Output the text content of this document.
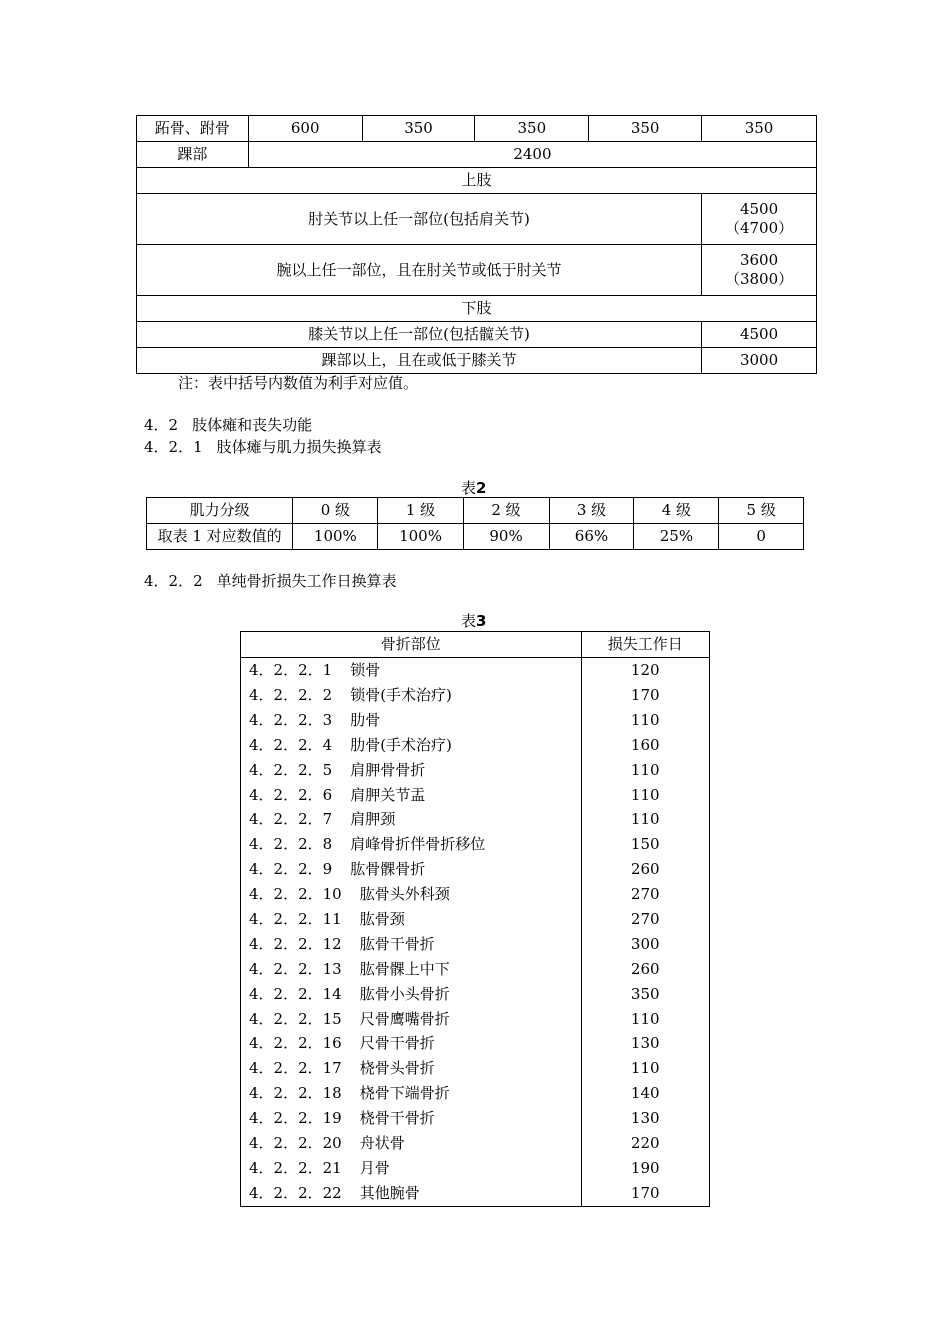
跖骨、跗骨	600	350	350	350	350
踝部	2400				
上肢					
肘关节以上任一部位(包括肩关节)					4500
（4700）

腕以上任一部位，且在肘关节或低于肘关节					3600
（3800）

下肢					
膝关节以上任一部位(包括髋关节)					4500
踝部以上，且在或低于膝关节					3000
注：表中括号内数值为利手对应值。
4．2 肢体瘫和丧失功能
4．2．1 肢体瘫与肌力损失换算表
表2
肌力分级	0 级	1 级	2 级	3 级	4 级	5 级
取表 1 对应数值的	100%	100%	90%	66%	25%	0
4．2．2 单纯骨折损失工作日换算表
表3
骨折部位	损失工作日
4．2．2．1 锁骨	120
4．2．2．2 锁骨(手术治疗)	170
4．2．2．3 肋骨	110
4．2．2．4 肋骨(手术治疗)	160
4．2．2．5 肩胛骨骨折	110
4．2．2．6 肩胛关节盂	110
4．2．2．7 肩胛颈	110
4．2．2．8 肩峰骨折伴骨折移位	150
4．2．2．9 肱骨髁骨折	260
4．2．2．10 肱骨头外科颈	270
4．2．2．11 肱骨颈	270
4．2．2．12 肱骨干骨折	300
4．2．2．13 肱骨髁上中下	260
4．2．2．14 肱骨小头骨折	350
4．2．2．15 尺骨鹰嘴骨折	110
4．2．2．16 尺骨干骨折	130
4．2．2．17 桡骨头骨折	110
4．2．2．18 桡骨下端骨折	140
4．2．2．19 桡骨干骨折	130
4．2．2．20 舟状骨	220
4．2．2．21 月骨	190
4．2．2．22 其他腕骨	170
